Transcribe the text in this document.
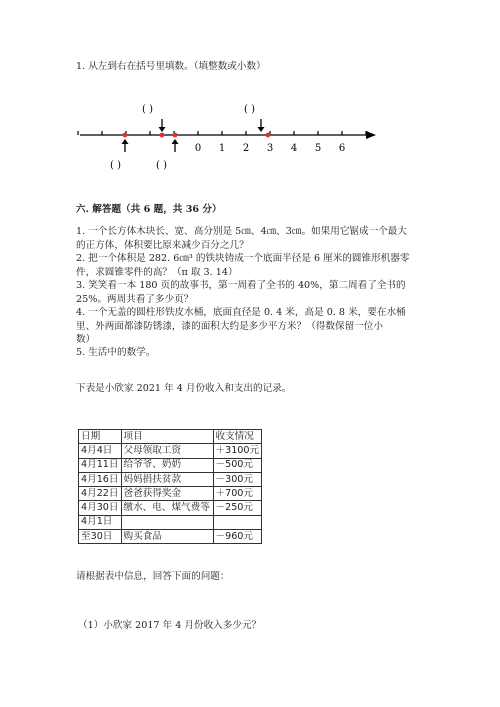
1. 从左到右在括号里填数。（填整数或小数）
( )	( )
0 1 2 3 4 5 6
( )	( )
六. 解答题（共 6 题，共 36 分）
1. 一个长方体木块长、宽、高分别是 5㎝、4㎝、3㎝。如果用它锯成一个最大
的正方体，体积要比原来减少百分之几？
2. 把一个体积是 282. 6㎝³ 的铁块铸成一个底面半径是 6 厘米的圆锥形机器零
件，求圆锥零件的高？（π 取 3. 14）
3. 笑笑看一本 180 页的故事书，第一周看了全书的 40%，第二周看了全书的
25%。两周共看了多少页？
4. 一个无盖的圆柱形铁皮水桶，底面直径是 0. 4 米，高是 0. 8 米，要在水桶
里、外两面都漆防锈漆，漆的面积大约是多少平方米？（得数保留一位小
数）
5. 生活中的数学。
下表是小欣家 2021 年 4 月份收入和支出的记录。
日期	项目	收支情况
4月4日	父母领取工资	＋3100元
4月11日	给爷爷、奶奶	－500元
4月16日	妈妈捐扶贫款	－300元
4月22日	爸爸获得奖金	＋700元
4月30日	缴水、电、煤气费等	－250元
4月1日		
至30日	购买食品	－960元
请根据表中信息，回答下面的问题：
（1）小欣家 2017 年 4 月份收入多少元？
